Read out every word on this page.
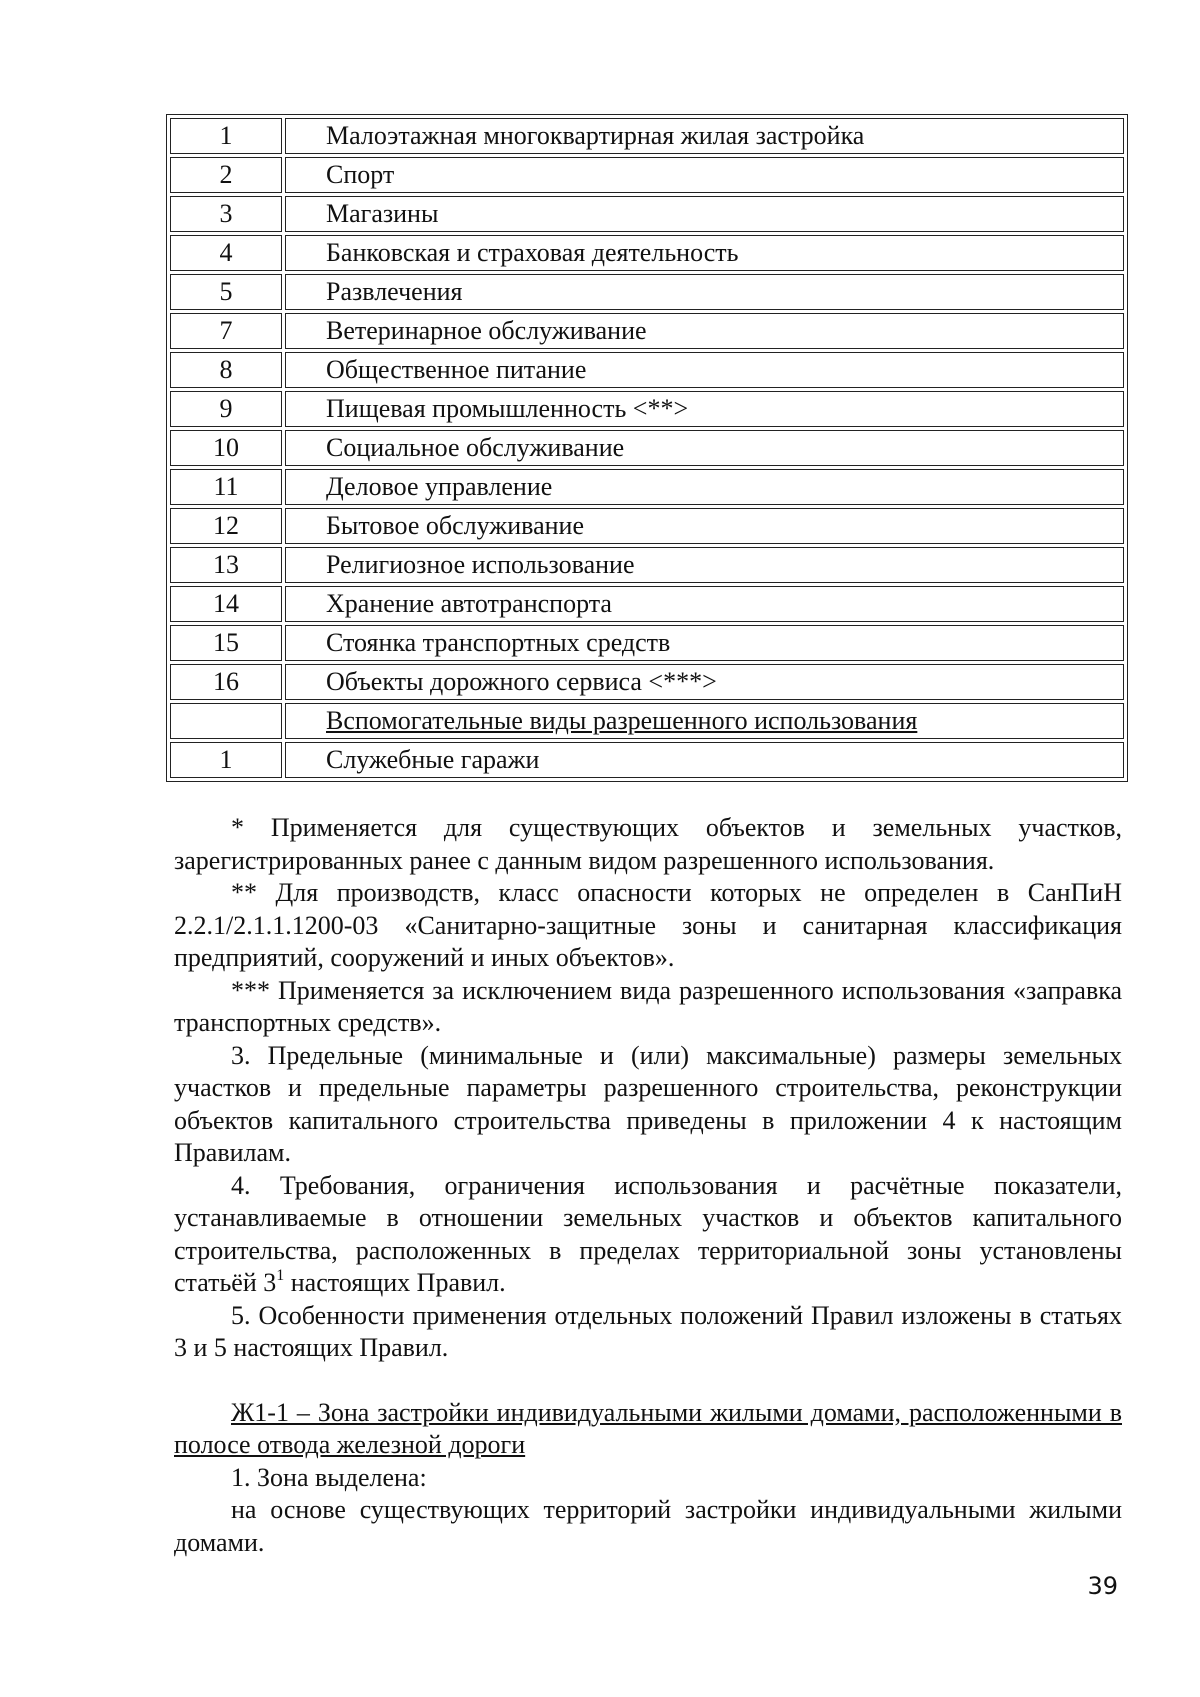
1	Малоэтажная многоквартирная жилая застройка
2	Спорт
3	Магазины
4	Банковская и страховая деятельность
5	Развлечения
7	Ветеринарное обслуживание
8	Общественное питание
9	Пищевая промышленность <**>
10	Социальное обслуживание
11	Деловое управление
12	Бытовое обслуживание
13	Религиозное использование
14	Хранение автотранспорта
15	Стоянка транспортных средств
16	Объекты дорожного сервиса <***>
	Вспомогательные виды разрешенного использования
1	Служебные гаражи

* Применяется для существующих объектов и земельных участков, зарегистрированных ранее с данным видом разрешенного использования.

** Для производств, класс опасности которых не определен в СанПиН 2.2.1/2.1.1.1200-03 «Санитарно-защитные зоны и санитарная классификация предприятий, сооружений и иных объектов».

*** Применяется за исключением вида разрешенного использования «заправка транспортных средств».

3. Предельные (минимальные и (или) максимальные) размеры земельных участков и предельные параметры разрешенного строительства, реконструкции объектов капитального строительства приведены в приложении 4 к настоящим Правилам.

4. Требования, ограничения использования и расчётные показатели, устанавливаемые в отношении земельных участков и объектов капитального строительства, расположенных в пределах территориальной зоны установлены статьёй $3^1$ настоящих Правил.

5. Особенности применения отдельных положений Правил изложены в статьях 3 и 5 настоящих Правил.

Ж1-1 – Зона застройки индивидуальными жилыми домами, расположенными в полосе отвода железной дороги

1. Зона выделена:

на основе существующих территорий застройки индивидуальными жилыми домами.

39
